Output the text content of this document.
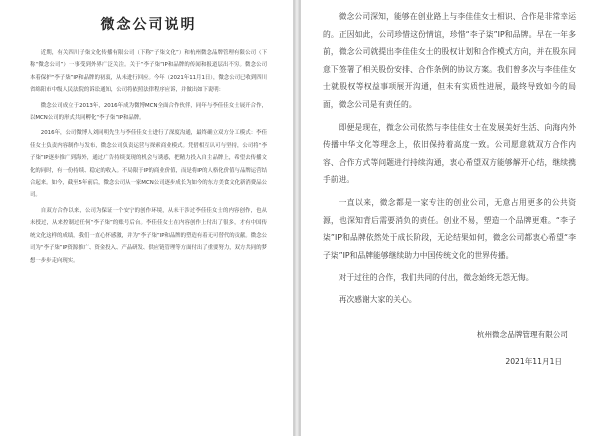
微念公司说明

近期，有关四川子柒文化传播有限公司（下称“子柒文化”）和杭州微念品牌管理有限公司（下称“微念公司”）一事受到外界广泛关注。关于“李子柒”IP和品牌的传闻和报道层出不穷。微念公司本着保护“李子柒”IP和品牌的初衷，从未进行回应。今年（2021年11月1日），微念公司已收到四川省绵阳市中级人民法院的诉讼通知，公司将依照法律程序应诉，并做出如下说明：

微念公司成立于2013年，2016年成为微博MCN全面合作伙伴，同年与李佳佳女士展开合作，以MCN公司的形式共同孵化“李子柒”IP和品牌。

2016年，公司微博人刘同明先生与李佳佳女士进行了深度沟通，最终确立双方分工模式：李佳佳女士负责内容制作与发布，微念公司负责运营与探索商业模式。凭借相互认可与坚持，公司将“李子柒”IP逐步推广到海外，通过广告持续变现的机会与诱惑，把精力投入自主品牌上，希望去传播文化的同时，有一份持续、稳定的收入。不局限于IP的商业价值，而是将IP的人格化价值与品牌运营结合起来。如今，截至5年前后，微念公司从一家MCN公司逐步成长为如今的东方美食文化新消费品公司。

自双方合作以来，公司为保证一个安宁的创作环境，从未干涉过李佳佳女士的内容创作，也从未授过，从来控制过任何“李子柒”的账号后台。李佳佳女士在内容创作上付出了很多，才有中国传统文化这样的成绩，我们一直心怀感激，并为“李子柒”IP和品牌的塑造有着无可替代的贡献。微念公司为“李子柒”IP资源推广、资金投入、产品研发、供应链管理等方面付出了重要努力，双方共同的梦想一步步走向现实。

微念公司深知，能够在创业路上与李佳佳女士相识、合作是非常幸运的。正因如此，公司珍惜这份情谊，珍惜“李子柒”IP和品牌。早在一年多前，微念公司就提出李佳佳女士的股权计划和合作模式方向，并在股东同意下签署了相关股份安排、合作条例的协议方案。我们曾多次与李佳佳女士就股权等权益事项展开沟通，但未有实质性进展，最终导致如今的局面，微念公司是有责任的。

即便是现在，微念公司依然与李佳佳女士在发展美好生活、向海内外传播中华文化等理念上，依旧保持着高度一致。公司愿意就双方合作内容、合作方式等问题进行持续沟通，衷心希望双方能够解开心结，继续携手前进。

一直以来，微念都是一家专注的创业公司，无意占用更多的公共资源，也深知背后需要消负的责任。创业不易，塑造一个品牌更难。“李子柒”IP和品牌依然处于成长阶段，无论结果如何，微念公司都衷心希望“李子柒”IP和品牌能够继续助力中国传统文化的世界传播。

对于过往的合作，我们共同的付出，微念始终无怨无悔。

再次感谢大家的关心。

杭州微念品牌管理有限公司
2021年11月1日
